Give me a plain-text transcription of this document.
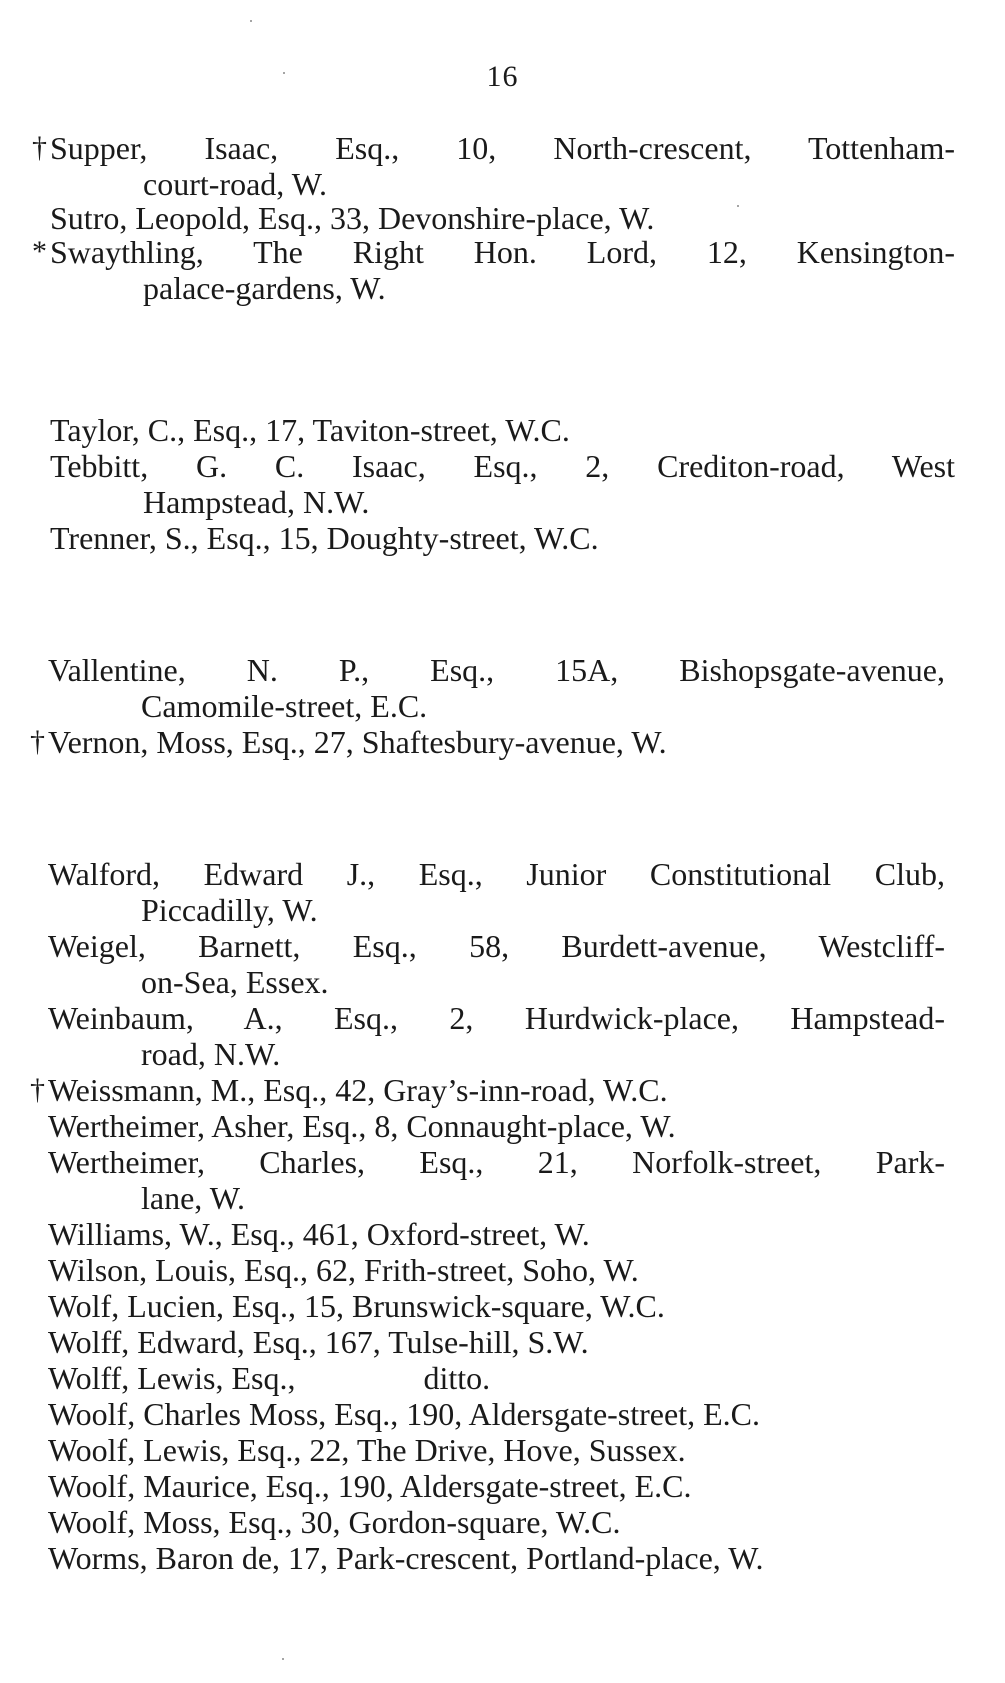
16
† Supper, Isaac, Esq., 10, North-crescent, Tottenham-
court-road, W.
Sutro, Leopold, Esq., 33, Devonshire-place, W.
* Swaythling, The Right Hon. Lord, 12, Kensington-
palace-gardens, W.
Taylor, C., Esq., 17, Taviton-street, W.C.
Tebbitt, G. C. Isaac, Esq., 2, Crediton-road, West
Hampstead, N.W.
Trenner, S., Esq., 15, Doughty-street, W.C.
Vallentine, N. P., Esq., 15A, Bishopsgate-avenue,
Camomile-street, E.C.
† Vernon, Moss, Esq., 27, Shaftesbury-avenue, W.
Walford, Edward J., Esq., Junior Constitutional Club,
Piccadilly, W.
Weigel, Barnett, Esq., 58, Burdett-avenue, Westcliff-
on-Sea, Essex.
Weinbaum, A., Esq., 2, Hurdwick-place, Hampstead-
road, N.W.
† Weissmann, M., Esq., 42, Gray’s-inn-road, W.C.
Wertheimer, Asher, Esq., 8, Connaught-place, W.
Wertheimer, Charles, Esq., 21, Norfolk-street, Park-
lane, W.
Williams, W., Esq., 461, Oxford-street, W.
Wilson, Louis, Esq., 62, Frith-street, Soho, W.
Wolf, Lucien, Esq., 15, Brunswick-square, W.C.
Wolff, Edward, Esq., 167, Tulse-hill, S.W.
Wolff, Lewis, Esq.,	ditto.
Woolf, Charles Moss, Esq., 190, Aldersgate-street, E.C.
Woolf, Lewis, Esq., 22, The Drive, Hove, Sussex.
Woolf, Maurice, Esq., 190, Aldersgate-street, E.C.
Woolf, Moss, Esq., 30, Gordon-square, W.C.
Worms, Baron de, 17, Park-crescent, Portland-place, W.
